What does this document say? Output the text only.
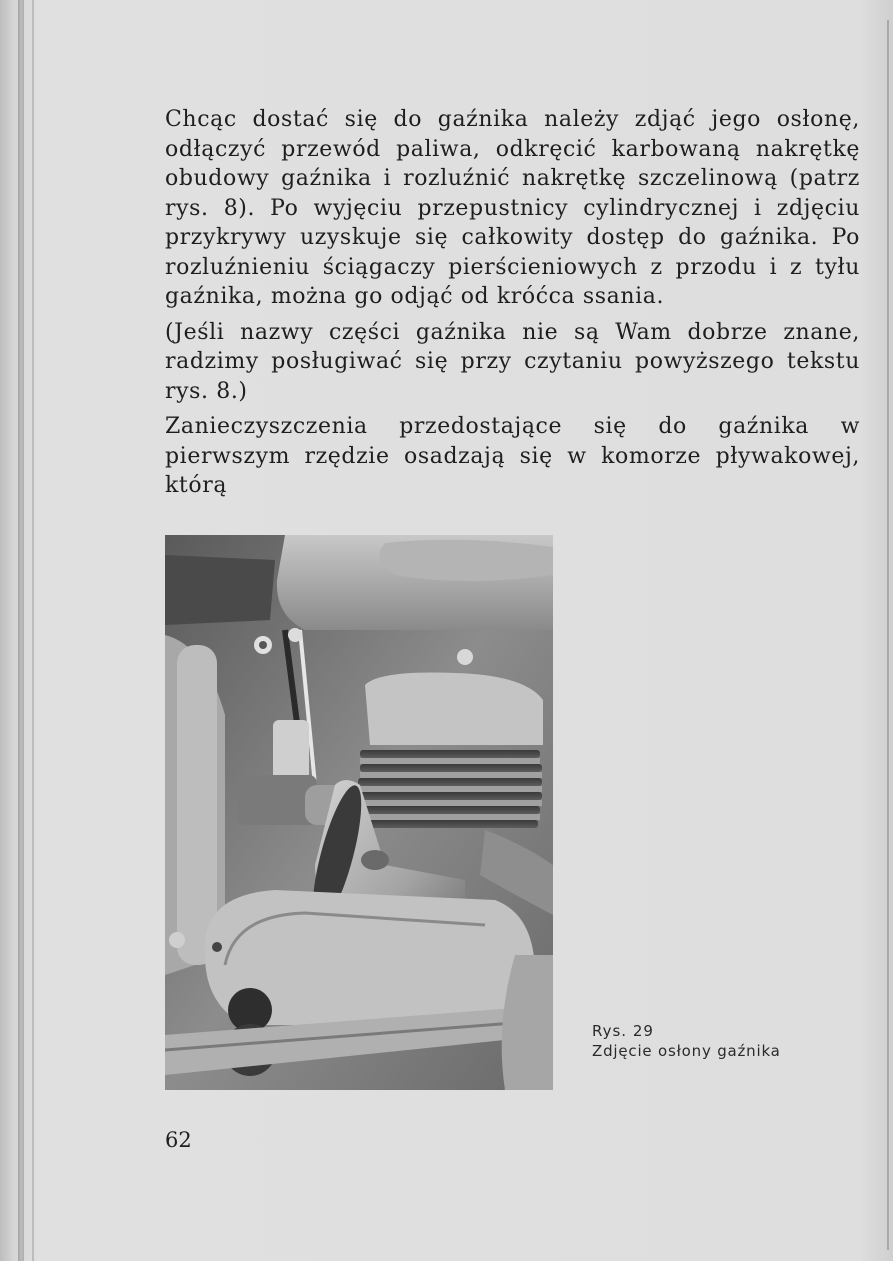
Chcąc dostać się do gaźnika należy zdjąć jego osłonę, odłączyć przewód paliwa, odkręcić karbowaną nakrętkę obudowy gaźnika i rozluźnić nakrętkę szczelinową (patrz rys. 8). Po wyjęciu przepustnicy cylindrycznej i zdjęciu przykrywy uzyskuje się całkowity dostęp do gaźnika. Po rozluźnieniu ściągaczy pierścieniowych z przodu i z tyłu gaźnika, można go odjąć od króćca ssania.

(Jeśli nazwy części gaźnika nie są Wam dobrze znane, radzimy posługiwać się przy czytaniu powyższego tekstu rys. 8.)

Zanieczyszczenia przedostające się do gaźnika w pierwszym rzędzie osadzają się w komorze pływakowej, którą

Rys. 29
Zdjęcie osłony gaźnika
62
